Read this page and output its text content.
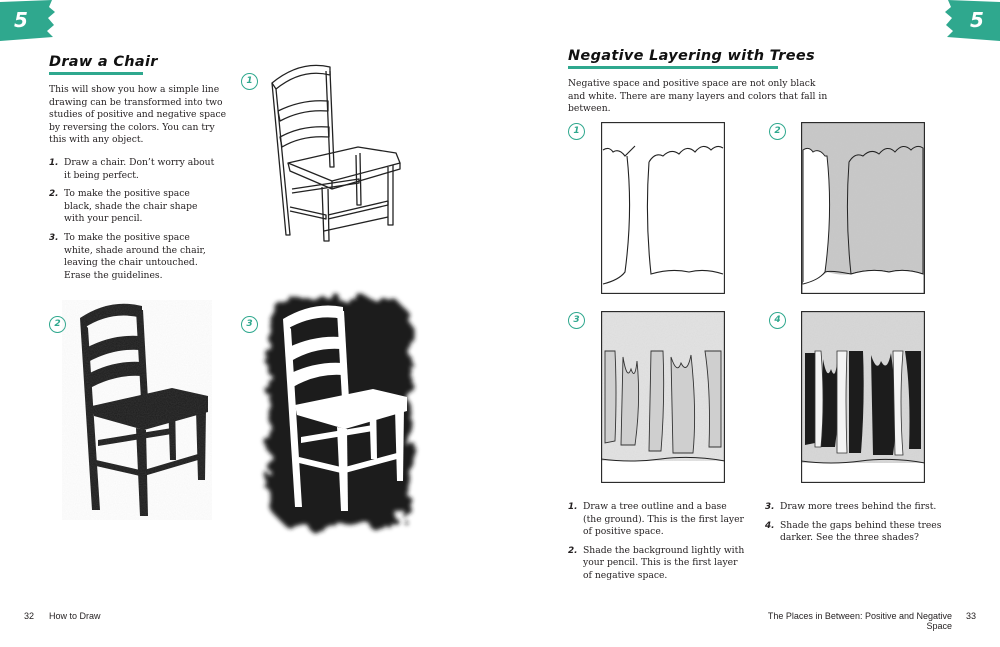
5	5
Draw a Chair

This will show you how a simple line drawing can be transformed into two studies of positive and negative space by reversing the colors. You can try this with any object.

1. Draw a chair. Don’t worry about it being perfect.
2. To make the positive space black, shade the chair shape with your pencil.
3. To make the positive space white, shade around the chair, leaving the chair untouched. Erase the guidelines.
1
2	3
Negative Layering with Trees

Negative space and positive space are not only black and white. There are many layers and colors that fall in between.

1	2
3	4
1. Draw a tree outline and a base (the ground). This is the first layer of positive space.
2. Shade the background lightly with your pencil. This is the first layer of negative space.
3. Draw more trees behind the first.
4. Shade the gaps behind these trees darker. See the three shades?
32 How to Draw	The Places in Between: Positive and Negative Space
33
